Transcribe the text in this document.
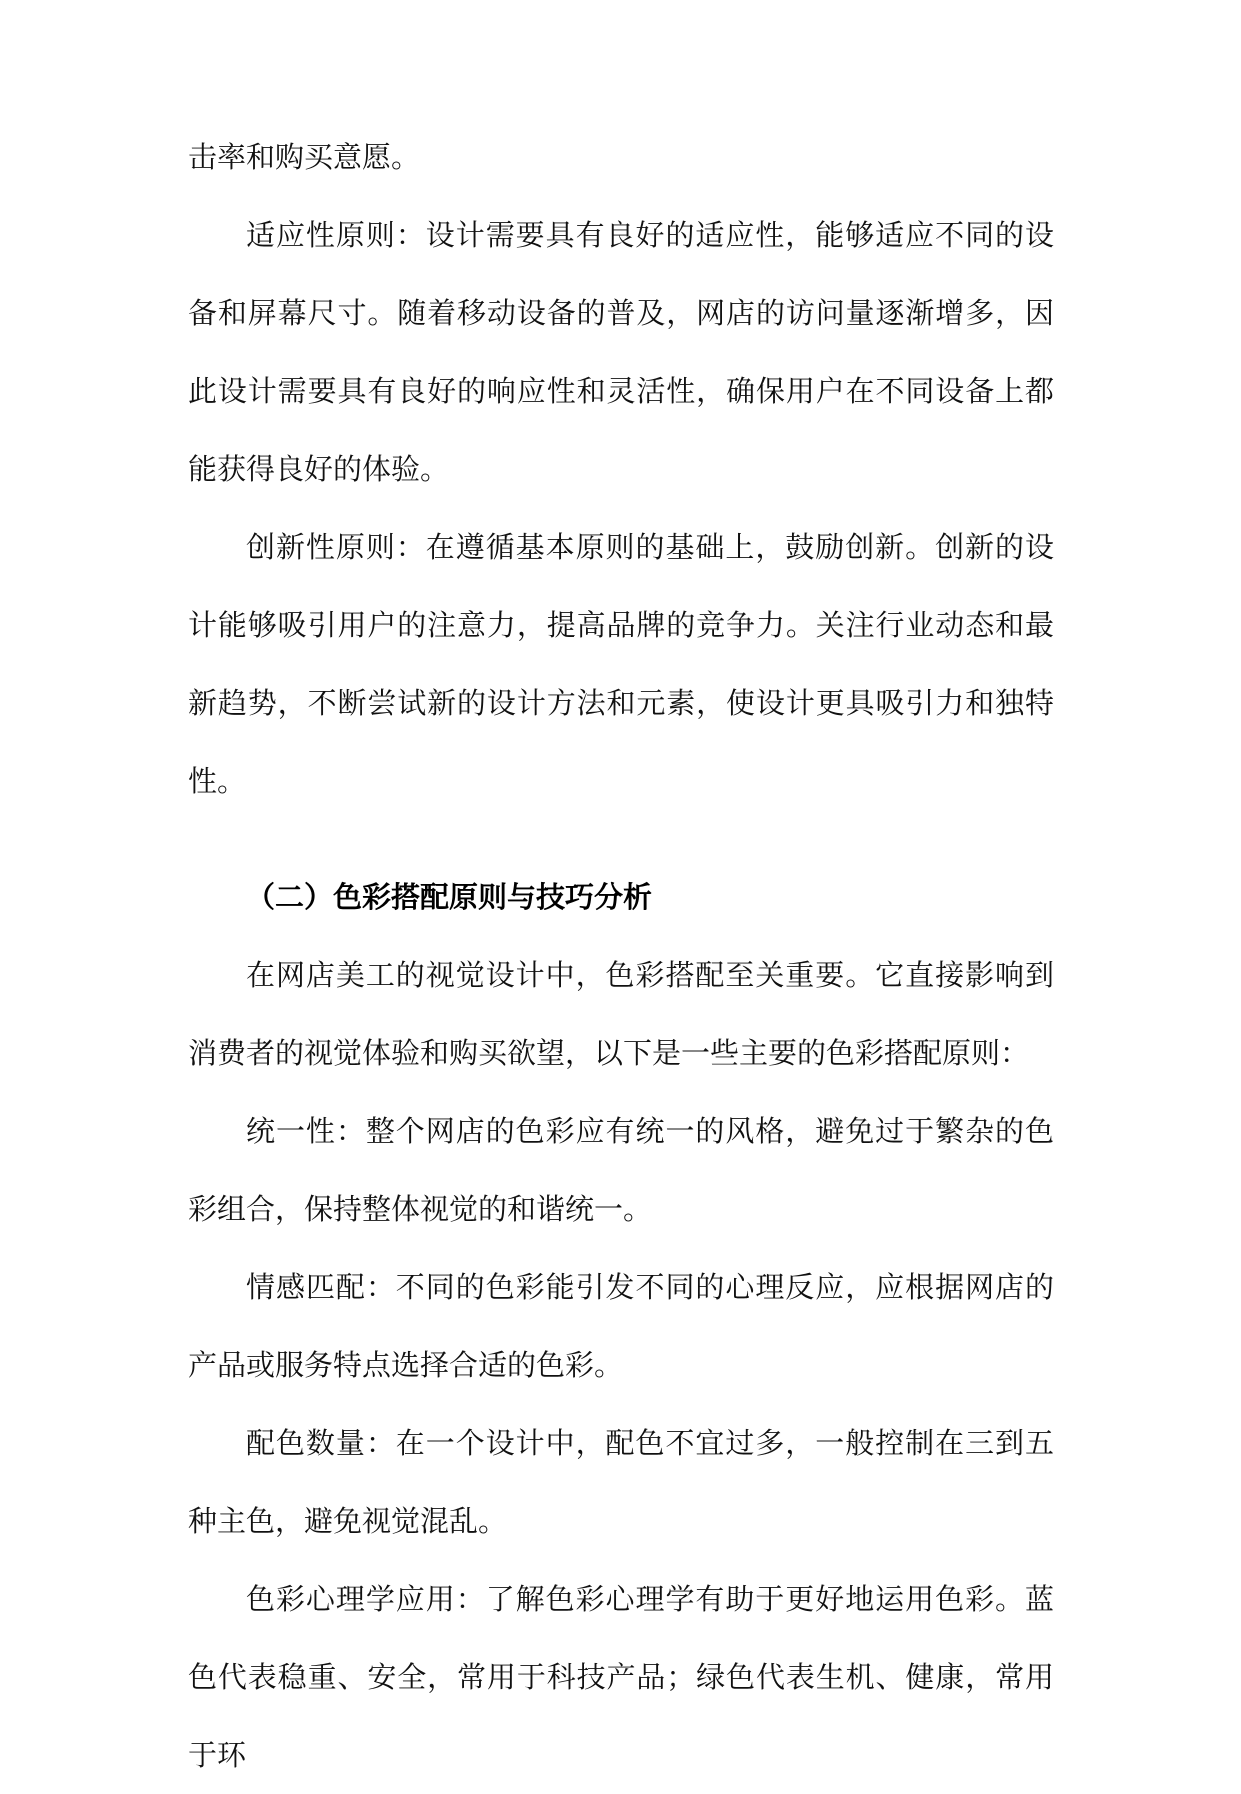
击率和购买意愿。

适应性原则：设计需要具有良好的适应性，能够适应不同的设备和屏幕尺寸。随着移动设备的普及，网店的访问量逐渐增多，因此设计需要具有良好的响应性和灵活性，确保用户在不同设备上都能获得良好的体验。

创新性原则：在遵循基本原则的基础上，鼓励创新。创新的设计能够吸引用户的注意力，提高品牌的竞争力。关注行业动态和最新趋势，不断尝试新的设计方法和元素，使设计更具吸引力和独特性。

（二）色彩搭配原则与技巧分析

在网店美工的视觉设计中，色彩搭配至关重要。它直接影响到消费者的视觉体验和购买欲望，以下是一些主要的色彩搭配原则：

统一性：整个网店的色彩应有统一的风格，避免过于繁杂的色彩组合，保持整体视觉的和谐统一。

情感匹配：不同的色彩能引发不同的心理反应，应根据网店的产品或服务特点选择合适的色彩。

配色数量：在一个设计中，配色不宜过多，一般控制在三到五种主色，避免视觉混乱。

色彩心理学应用：了解色彩心理学有助于更好地运用色彩。蓝色代表稳重、安全，常用于科技产品；绿色代表生机、健康，常用于环
